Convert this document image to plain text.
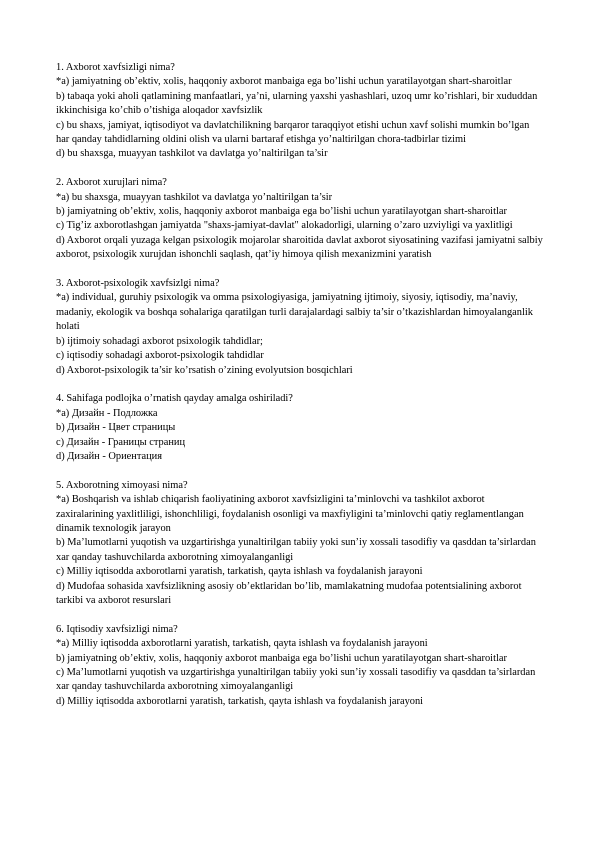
1. Axborot xavfsizligi nima?

*a) jamiyatning ob’ektiv, xolis, haqqoniy axborot manbaiga ega bo’lishi uchun yaratilayotgan shart-sharoitlar

b) tabaqa yoki aholi qatlamining manfaatlari, ya’ni, ularning yaxshi yashashlari, uzoq umr ko’rishlari, bir xududdan ikkinchisiga ko’chib o’tishiga aloqador xavfsizlik

c) bu shaxs, jamiyat, iqtisodiyot va davlatchilikning barqaror taraqqiyot etishi uchun xavf solishi mumkin bo’lgan har qanday tahdidlarning oldini olish va ularni bartaraf etishga yo’naltirilgan chora-tadbirlar tizimi

d) bu shaxsga, muayyan tashkilot va davlatga yo’naltirilgan ta’sir

2. Axborot xurujlari nima?

*a) bu shaxsga, muayyan tashkilot va davlatga yo’naltirilgan ta’sir

b) jamiyatning ob’ektiv, xolis, haqqoniy axborot manbaiga ega bo’lishi uchun yaratilayotgan shart-sharoitlar

c) Tig’iz axborotlashgan jamiyatda "shaxs-jamiyat-davlat" alokadorligi, ularning o’zaro uzviyligi va yaxlitligi

d) Axborot orqali yuzaga kelgan psixologik mojarolar sharoitida davlat axborot siyosatining vazifasi jamiyatni salbiy axborot, psixologik xurujdan ishonchli saqlash, qat’iy himoya qilish mexanizmini yaratish

3. Axborot-psixologik xavfsizlgi nima?

*a) individual, guruhiy psixologik va omma psixologiyasiga, jamiyatning ijtimoiy, siyosiy, iqtisodiy, ma’naviy, madaniy, ekologik va boshqa sohalariga qaratilgan turli darajalardagi salbiy ta’sir o’tkazishlardan himoyalanganlik holati

b) ijtimoiy sohadagi axborot psixologik tahdidlar;

c) iqtisodiy sohadagi axborot-psixologik tahdidlar

d) Axborot-psixologik ta’sir ko’rsatish o’zining evolyutsion bosqichlari

4. Sahifaga podlojka o’rnatish qayday amalga oshiriladi?

*a) Дизайн - Подложка

b) Дизайн - Цвет страницы

c) Дизайн - Границы страниц

d) Дизайн - Ориентация

5. Axborotning ximoyasi nima?

*a) Boshqarish va ishlab chiqarish faoliyatining axborot xavfsizligini ta’minlovchi va tashkilot axborot zaxiralarining yaxlitliligi, ishonchliligi, foydalanish osonligi va maxfiyligini ta’minlovchi qatiy reglamentlangan dinamik texnologik jarayon

b) Ma’lumotlarni yuqotish va uzgartirishga yunaltirilgan tabiiy yoki sun’iy xossali tasodifiy va qasddan ta’sirlardan xar qanday tashuvchilarda axborotning ximoyalanganligi

c) Milliy iqtisodda axborotlarni yaratish, tarkatish, qayta ishlash va foydalanish jarayoni

d) Mudofaa sohasida xavfsizlikning asosiy ob’ektlaridan bo’lib, mamlakatning mudofaa potentsialining axborot tarkibi va axborot resurslari

6. Iqtisodiy xavfsizligi nima?

*a) Milliy iqtisodda axborotlarni yaratish, tarkatish, qayta ishlash va foydalanish jarayoni

b) jamiyatning ob’ektiv, xolis, haqqoniy axborot manbaiga ega bo’lishi uchun yaratilayotgan shart-sharoitlar

c) Ma’lumotlarni yuqotish va uzgartirishga yunaltirilgan tabiiy yoki sun’iy xossali tasodifiy va qasddan ta’sirlardan xar qanday tashuvchilarda axborotning ximoyalanganligi

d) Milliy iqtisodda axborotlarni yaratish, tarkatish, qayta ishlash va foydalanish jarayoni
